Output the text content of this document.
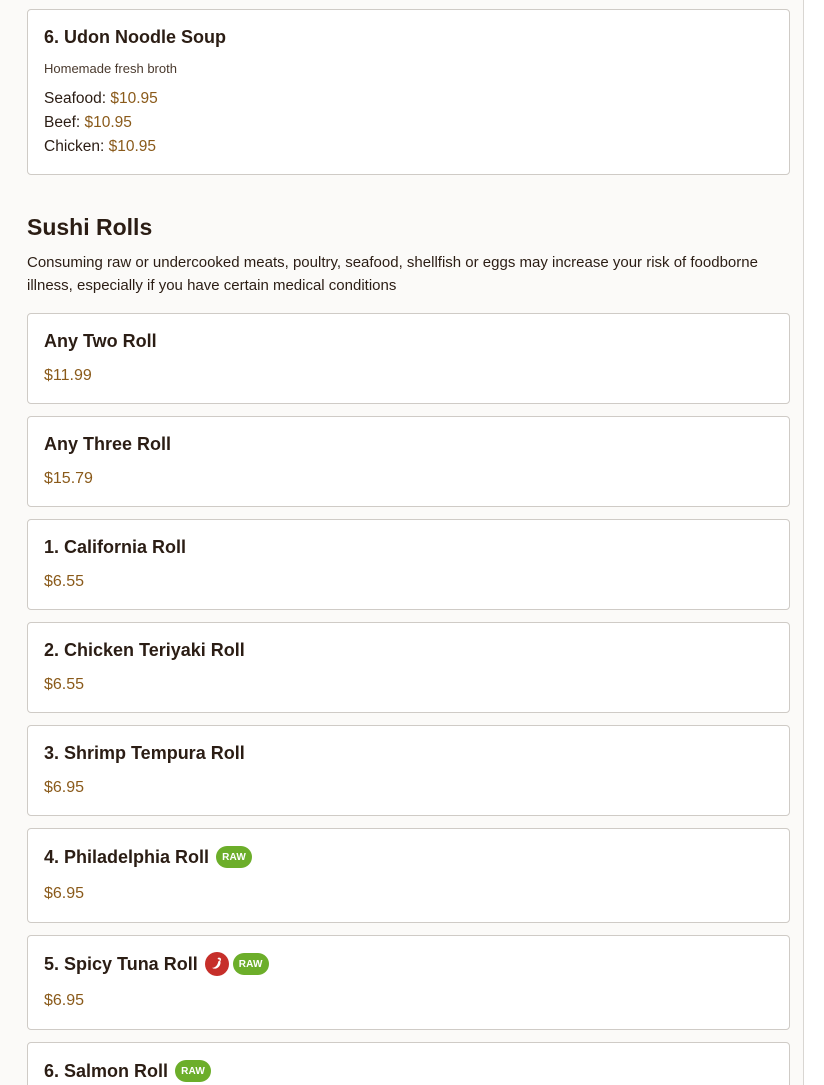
6. Udon Noodle Soup
Homemade fresh broth
Seafood: $10.95
Beef: $10.95
Chicken: $10.95
Sushi Rolls
Consuming raw or undercooked meats, poultry, seafood, shellfish or eggs may increase your risk of foodborne illness, especially if you have certain medical conditions
Any Two Roll
$11.99
Any Three Roll
$15.79
1. California Roll
$6.55
2. Chicken Teriyaki Roll
$6.55
3. Shrimp Tempura Roll
$6.95
4. Philadelphia Roll	RAW
$6.95
5. Spicy Tuna Roll	RAW
$6.95
6. Salmon Roll	RAW
